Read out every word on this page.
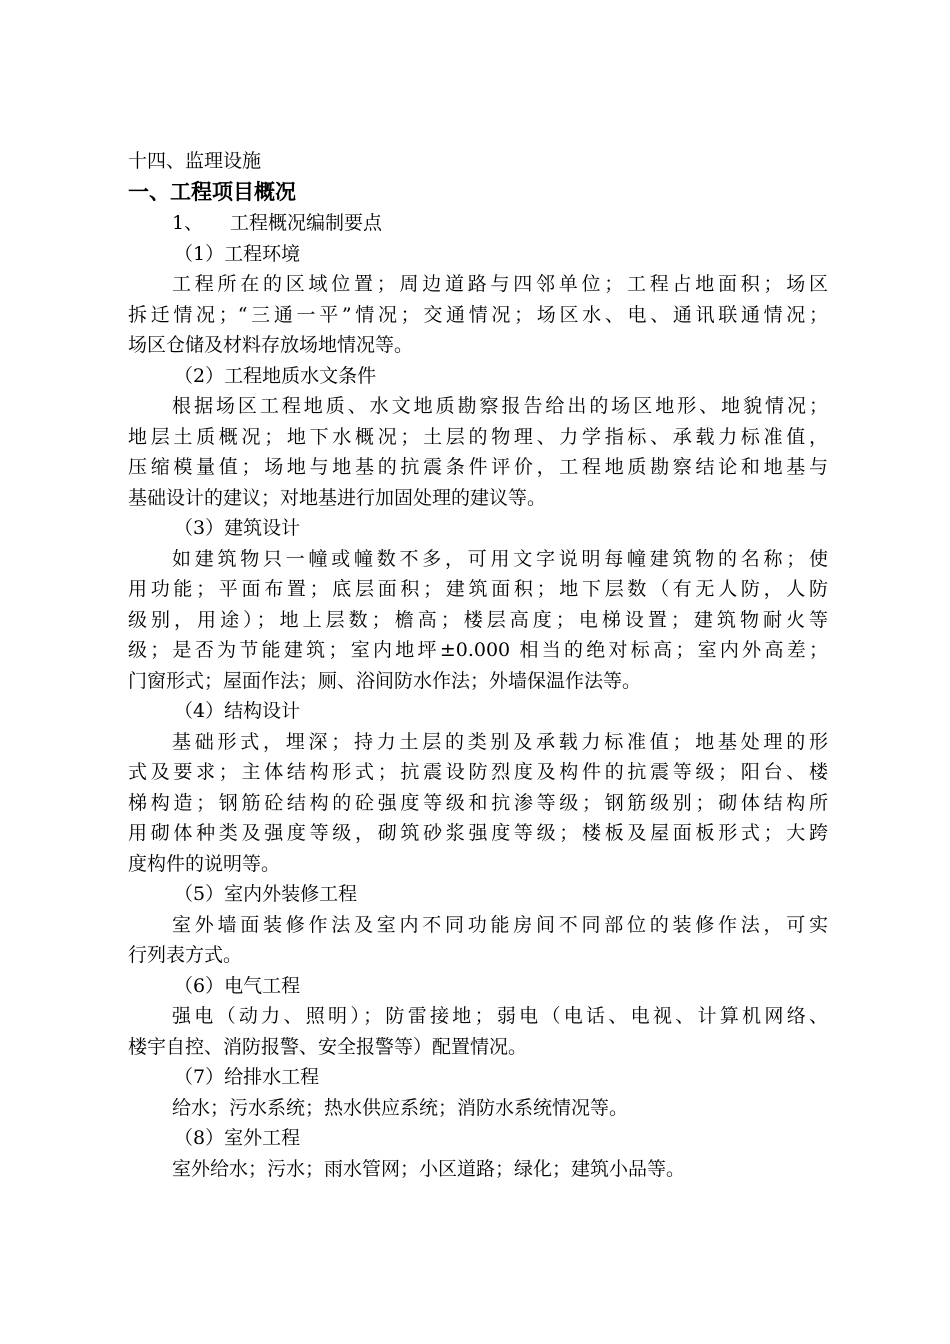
十四、监理设施

一、工程项目概况

1、 工程概况编制要点

（1）工程环境

工程所在的区域位置；周边道路与四邻单位；工程占地面积；场区

拆迁情况；“三通一平”情况；交通情况；场区水、电、通讯联通情况；

场区仓储及材料存放场地情况等。

（2）工程地质水文条件

根据场区工程地质、水文地质勘察报告给出的场区地形、地貌情况；

地层土质概况；地下水概况；土层的物理、力学指标、承载力标准值，

压缩模量值；场地与地基的抗震条件评价，工程地质勘察结论和地基与

基础设计的建议；对地基进行加固处理的建议等。

（3）建筑设计

如建筑物只一幢或幢数不多，可用文字说明每幢建筑物的名称；使

用功能；平面布置；底层面积；建筑面积；地下层数（有无人防，人防

级别，用途）；地上层数；檐高；楼层高度；电梯设置；建筑物耐火等

级；是否为节能建筑；室内地坪±0.000 相当的绝对标高；室内外高差；

门窗形式；屋面作法；厕、浴间防水作法；外墙保温作法等。

（4）结构设计

基础形式，埋深；持力土层的类别及承载力标准值；地基处理的形

式及要求；主体结构形式；抗震设防烈度及构件的抗震等级；阳台、楼

梯构造；钢筋砼结构的砼强度等级和抗渗等级；钢筋级别；砌体结构所

用砌体种类及强度等级，砌筑砂浆强度等级；楼板及屋面板形式；大跨

度构件的说明等。

（5）室内外装修工程

室外墙面装修作法及室内不同功能房间不同部位的装修作法，可实

行列表方式。

（6）电气工程

强电（动力、照明）；防雷接地；弱电（电话、电视、计算机网络、

楼宇自控、消防报警、安全报警等）配置情况。

（7）给排水工程

给水；污水系统；热水供应系统；消防水系统情况等。

（8）室外工程

室外给水；污水；雨水管网；小区道路；绿化；建筑小品等。
